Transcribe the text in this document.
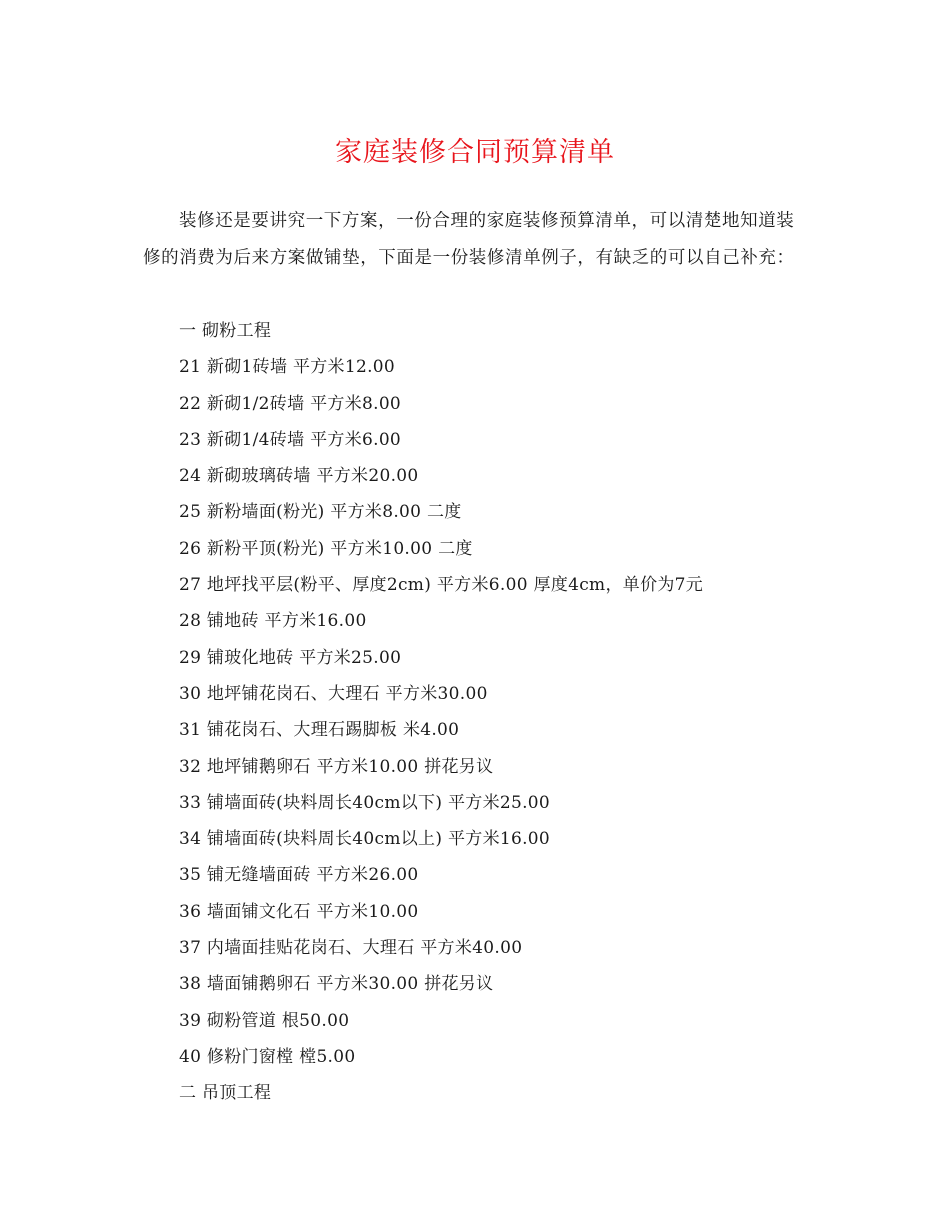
家庭装修合同预算清单

装修还是要讲究一下方案，一份合理的家庭装修预算清单，可以清楚地知道装修的消费为后来方案做铺垫，下面是一份装修清单例子，有缺乏的可以自己补充：

一 砌粉工程
21 新砌1砖墙 平方米12.00
22 新砌1/2砖墙 平方米8.00
23 新砌1/4砖墙 平方米6.00
24 新砌玻璃砖墙 平方米20.00
25 新粉墙面(粉光) 平方米8.00 二度
26 新粉平顶(粉光) 平方米10.00 二度
27 地坪找平层(粉平、厚度2cm) 平方米6.00 厚度4cm，单价为7元
28 铺地砖 平方米16.00
29 铺玻化地砖 平方米25.00
30 地坪铺花岗石、大理石 平方米30.00
31 铺花岗石、大理石踢脚板 米4.00
32 地坪铺鹅卵石 平方米10.00 拼花另议
33 铺墙面砖(块料周长40cm以下) 平方米25.00
34 铺墙面砖(块料周长40cm以上) 平方米16.00
35 铺无缝墙面砖 平方米26.00
36 墙面铺文化石 平方米10.00
37 内墙面挂贴花岗石、大理石 平方米40.00
38 墙面铺鹅卵石 平方米30.00 拼花另议
39 砌粉管道 根50.00
40 修粉门窗樘 樘5.00
二 吊顶工程
